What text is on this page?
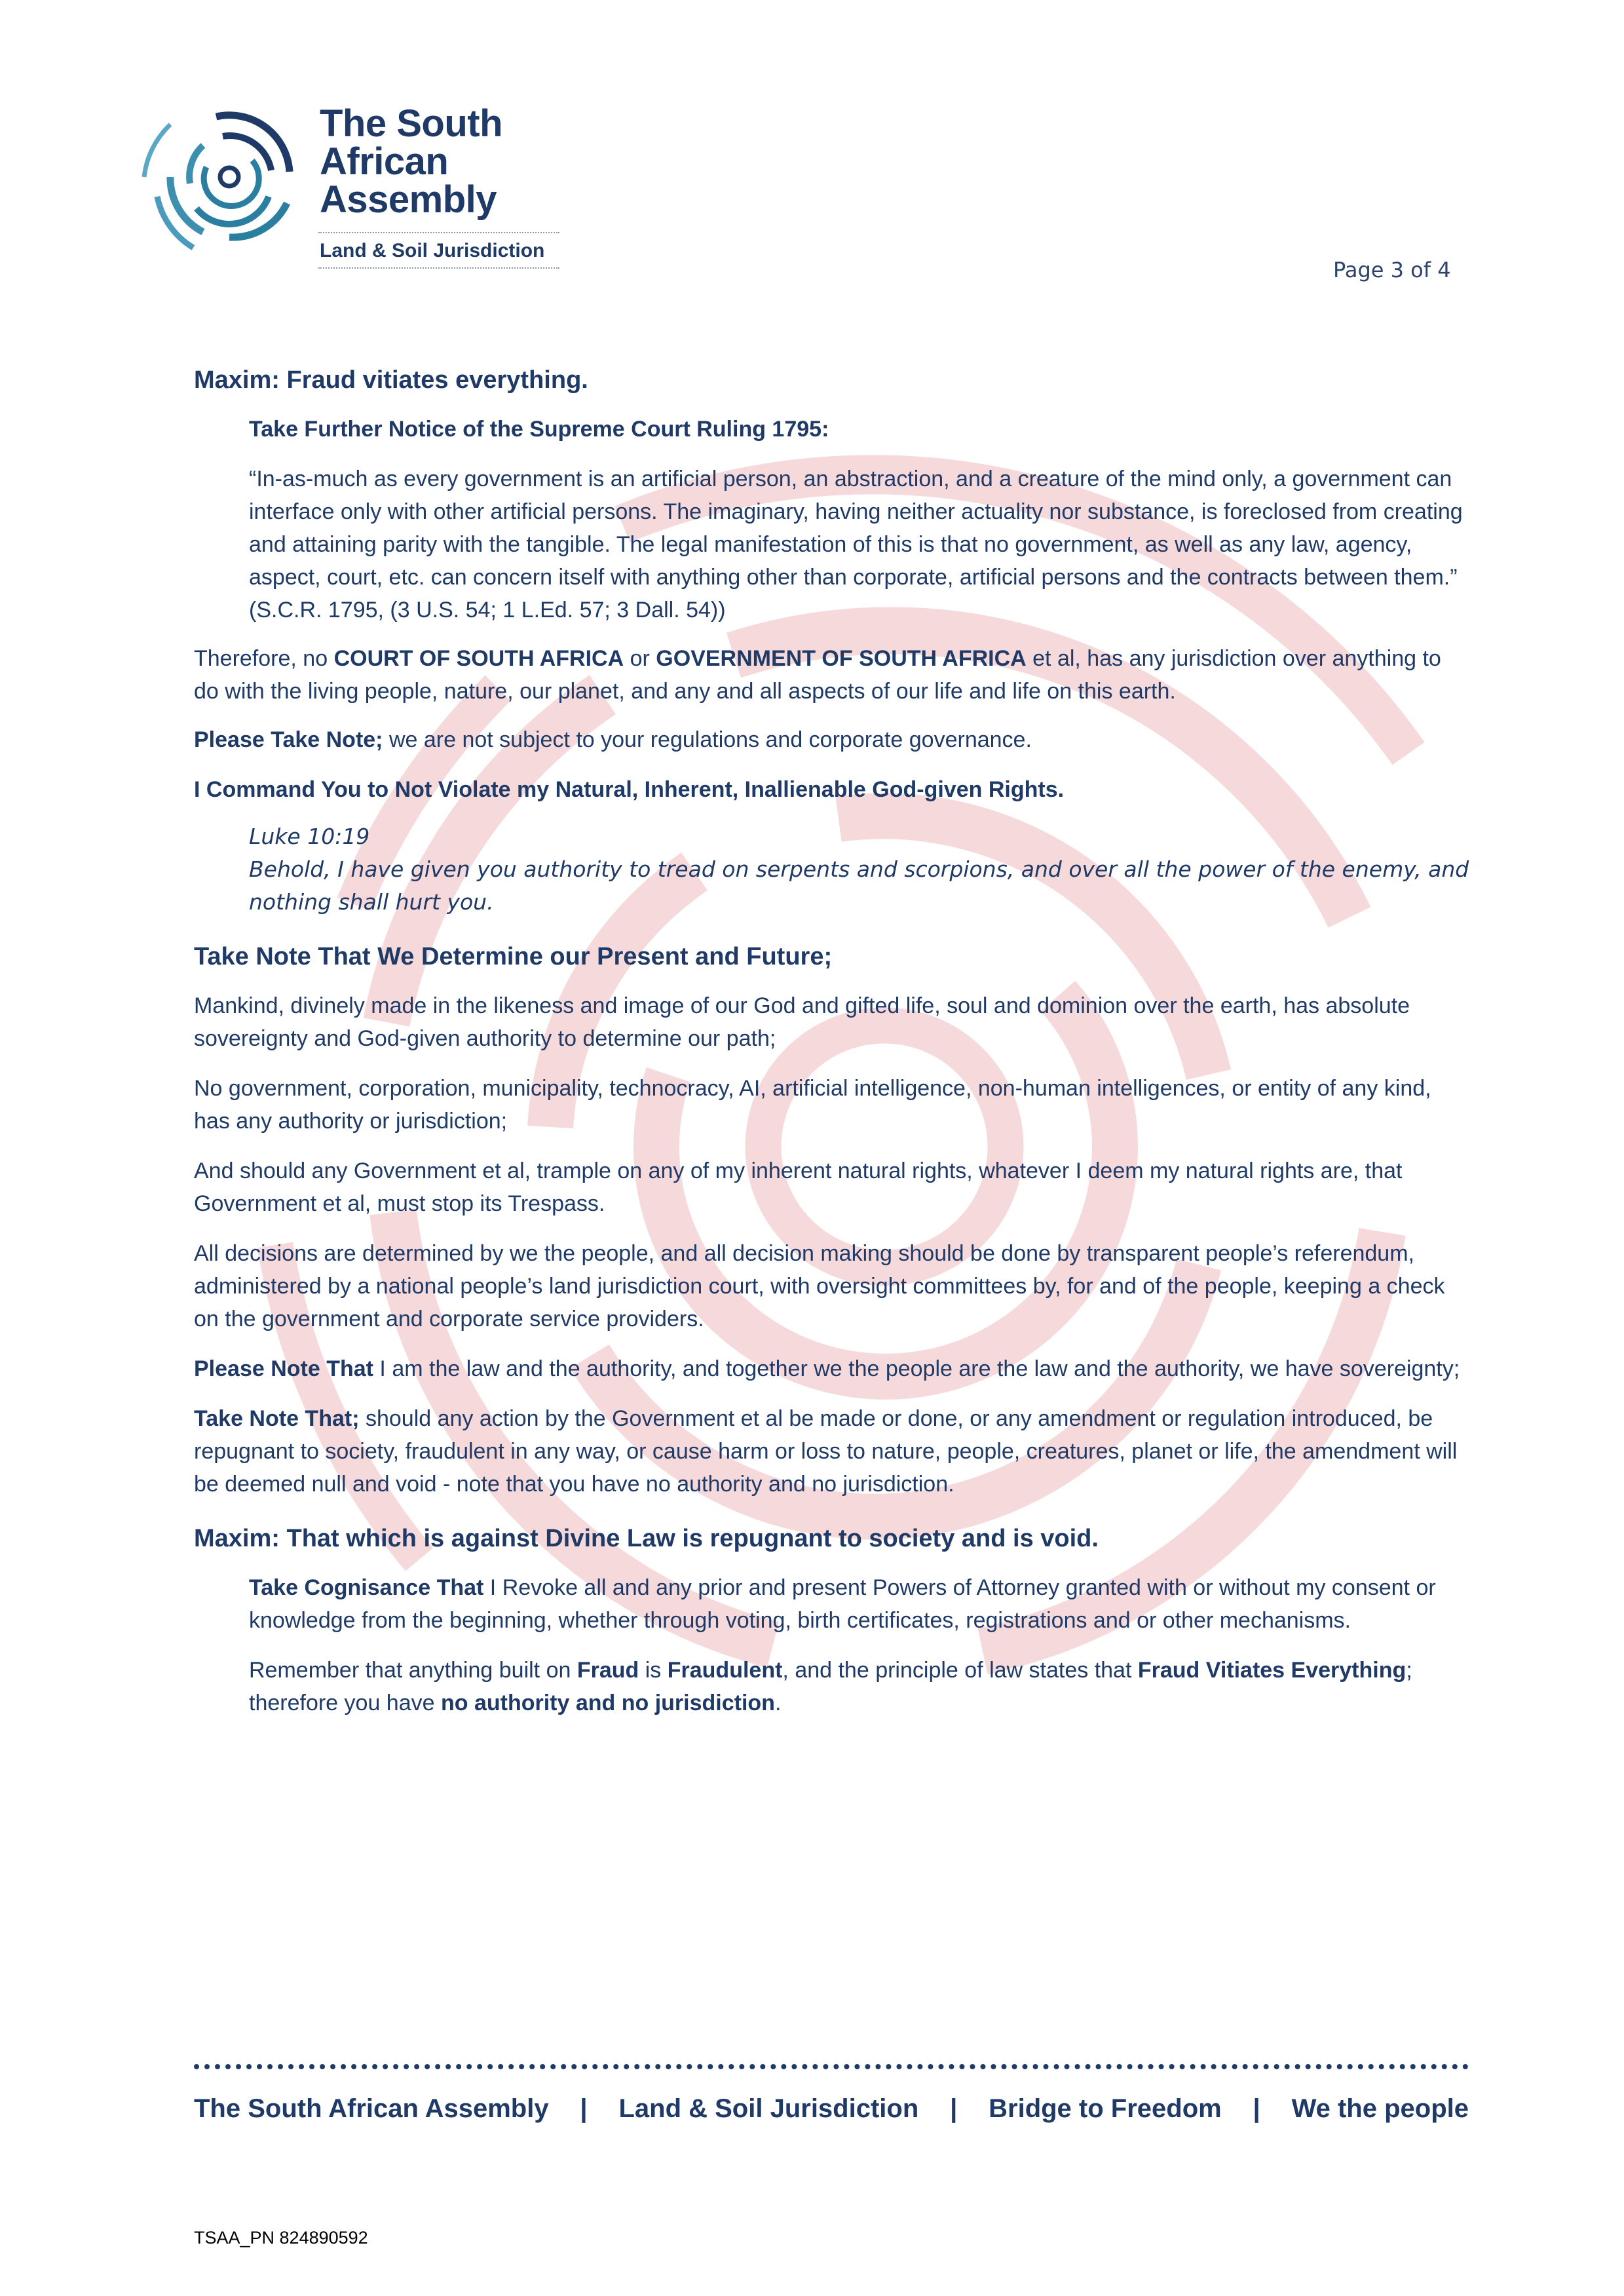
The South
African
Assembly
Land & Soil Jurisdiction
Page 3 of 4

Maxim: Fraud vitiates everything.

Take Further Notice of the Supreme Court Ruling 1795:

“In-as-much as every government is an artificial person, an abstraction, and a creature of the mind only, a government can interface only with other artificial persons. The imaginary, having neither actuality nor substance, is foreclosed from creating and attaining parity with the tangible. The legal manifestation of this is that no government, as well as any law, agency, aspect, court, etc. can concern itself with anything other than corporate, artificial persons and the contracts between them.” (S.C.R. 1795, (3 U.S. 54; 1 L.Ed. 57; 3 Dall. 54))

Therefore, no COURT OF SOUTH AFRICA or GOVERNMENT OF SOUTH AFRICA et al, has any jurisdiction over anything to do with the living people, nature, our planet, and any and all aspects of our life and life on this earth.

Please Take Note; we are not subject to your regulations and corporate governance.

I Command You to Not Violate my Natural, Inherent, Inallienable God-given Rights.

Luke 10:19

Behold, I have given you authority to tread on serpents and scorpions, and over all the power of the enemy, and nothing shall hurt you.

Take Note That We Determine our Present and Future;

Mankind, divinely made in the likeness and image of our God and gifted life, soul and dominion over the earth, has absolute sovereignty and God-given authority to determine our path;

No government, corporation, municipality, technocracy, AI, artificial intelligence, non-human intelligences, or entity of any kind, has any authority or jurisdiction;

And should any Government et al, trample on any of my inherent natural rights, whatever I deem my natural rights are, that Government et al, must stop its Trespass.

All decisions are determined by we the people, and all decision making should be done by transparent people’s referendum, administered by a national people’s land jurisdiction court, with oversight committees by, for and of the people, keeping a check on the government and corporate service providers.

Please Note That I am the law and the authority, and together we the people are the law and the authority, we have sovereignty;

Take Note That; should any action by the Government et al be made or done, or any amendment or regulation introduced, be repugnant to society, fraudulent in any way, or cause harm or loss to nature, people, creatures, planet or life, the amendment will be deemed null and void - note that you have no authority and no jurisdiction.

Maxim: That which is against Divine Law is repugnant to society and is void.

Take Cognisance That I Revoke all and any prior and present Powers of Attorney granted with or without my consent or knowledge from the beginning, whether through voting, birth certificates, registrations and or other mechanisms.

Remember that anything built on Fraud is Fraudulent, and the principle of law states that Fraud Vitiates Everything; therefore you have no authority and no jurisdiction.

The South African Assembly | Land & Soil Jurisdiction | Bridge to Freedom | We the people
TSAA_PN 824890592
